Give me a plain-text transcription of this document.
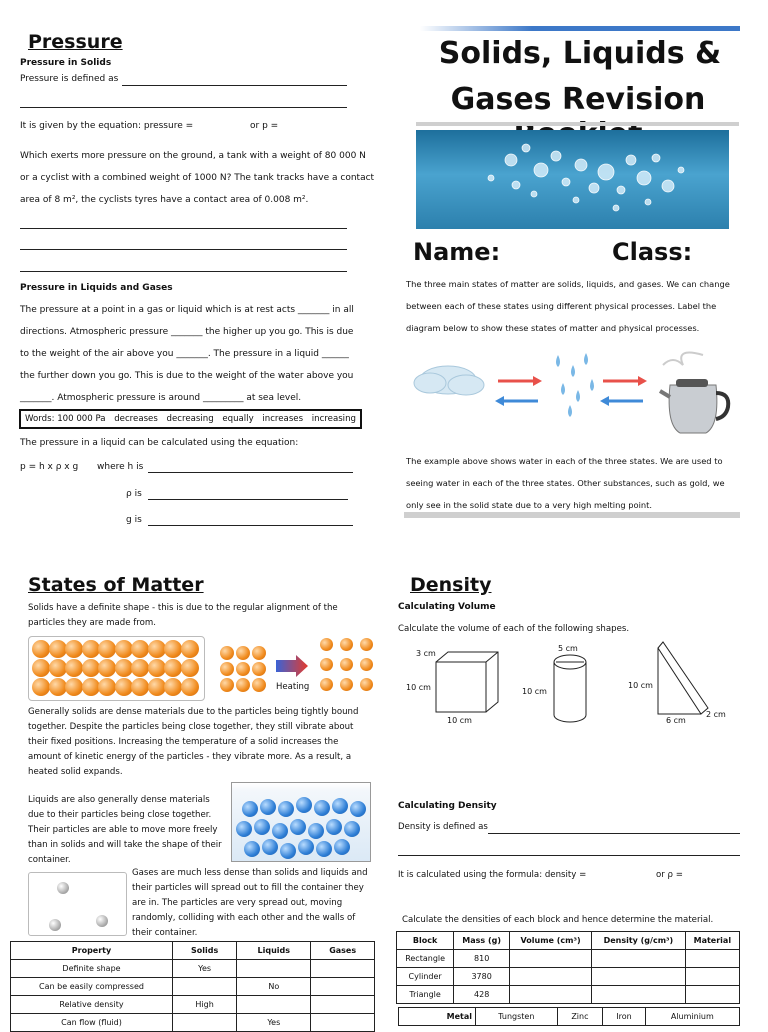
Pressure
Pressure in Solids
Pressure is defined as
It is given by the equation: pressure =	or p =
Which exerts more pressure on the ground, a tank with a weight of 80 000 N
or a cyclist with a combined weight of 1000 N? The tank tracks have a contact
area of 8 m², the cyclists tyres have a contact area of 0.008 m².
Pressure in Liquids and Gases
The pressure at a point in a gas or liquid which is at rest acts _______ in all
directions. Atmospheric pressure _______ the higher up you go. This is due
to the weight of the air above you _______. The pressure in a liquid ______
the further down you go. This is due to the weight of the water above you
_______. Atmospheric pressure is around _________ at sea level.
Words: 100 000 Pa decreases decreasing equally increases increasing
The pressure in a liquid can be calculated using the equation:
p = h x ρ x g where h is
ρ is
g is
Solids, Liquids &
Gases Revision
Name:	Class:
The three main states of matter are solids, liquids, and gases. We can change
between each of these states using different physical processes. Label the
diagram below to show these states of matter and physical processes.
The example above shows water in each of the three states. We are used to
seeing water in each of the three states. Other substances, such as gold, we
only see in the solid state due to a very high melting point.
States of Matter
Solids have a definite shape - this is due to the regular alignment of the
particles they are made from.
Heating
Generally solids are dense materials due to the particles being tightly bound
together. Despite the particles being close together, they still vibrate about
their fixed positions. Increasing the temperature of a solid increases the
amount of kinetic energy of the particles - they vibrate more. As a result, a
heated solid expands.
Liquids are also generally dense materials
due to their particles being close together.
Their particles are able to move more freely
than in solids and will take the shape of their
container.
Gases are much less dense than solids and liquids and
their particles will spread out to fill the container they
are in. The particles are very spread out, moving
randomly, colliding with each other and the walls of
their container.
Property	Solids	Liquids	Gases
Definite shape	Yes		
Can be easily compressed		No	
Relative density	High		
Can flow (fluid)		Yes	
Density
Calculating Volume
Calculate the volume of each of the following shapes.
3 cm
10 cm
10 cm
5 cm
10 cm
10 cm
6 cm
2 cm
Calculating Density
Density is defined as
It is calculated using the formula: density =	or ρ =
Calculate the densities of each block and hence determine the material.
Block	Mass (g)	Volume (cm³)	Density (g/cm³)	Material
Rectangle	810			
Cylinder	3780			
Triangle	428			
Metal	Tungsten	Zinc	Iron	Aluminium
